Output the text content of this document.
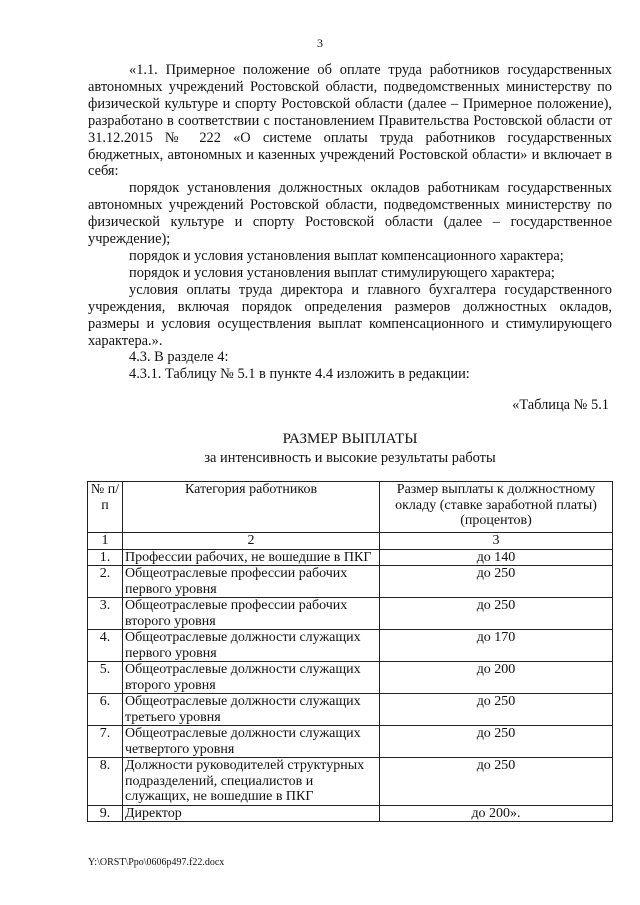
3

«1.1. Примерное положение об оплате труда работников государственных автономных учреждений Ростовской области, подведомственных министерству по физической культуре и спорту Ростовской области (далее – Примерное положение), разработано в соответствии с постановлением Правительства Ростовской области от 31.12.2015 № 222 «О системе оплаты труда работников государственных бюджетных, автономных и казенных учреждений Ростовской области» и включает в себя:

порядок установления должностных окладов работникам государственных автономных учреждений Ростовской области, подведомственных министерству по физической культуре и спорту Ростовской области (далее – государственное учреждение);

порядок и условия установления выплат компенсационного характера;

порядок и условия установления выплат стимулирующего характера;

условия оплаты труда директора и главного бухгалтера государственного учреждения, включая порядок определения размеров должностных окладов, размеры и условия осуществления выплат компенсационного и стимулирующего характера.».

4.3. В разделе 4:

4.3.1. Таблицу № 5.1 в пункте 4.4 изложить в редакции:

«Таблица № 5.1
РАЗМЕР ВЫПЛАТЫ
за интенсивность и высокие результаты работы
№ п/п	Категория работников	Размер выплаты к должностному окладу (ставке заработной платы) (процентов)
1	2	3
1.	Профессии рабочих, не вошедшие в ПКГ	до 140
2.	Общеотраслевые профессии рабочих первого уровня	до 250
3.	Общеотраслевые профессии рабочих второго уровня	до 250
4.	Общеотраслевые должности служащих первого уровня	до 170
5.	Общеотраслевые должности служащих второго уровня	до 200
6.	Общеотраслевые должности служащих третьего уровня	до 250
7.	Общеотраслевые должности служащих четвертого уровня	до 250
8.	Должности руководителей структурных подразделений, специалистов и служащих, не вошедшие в ПКГ	до 250
9.	Директор	до 200».
Y:\ORST\Ppo\0606p497.f22.docx
